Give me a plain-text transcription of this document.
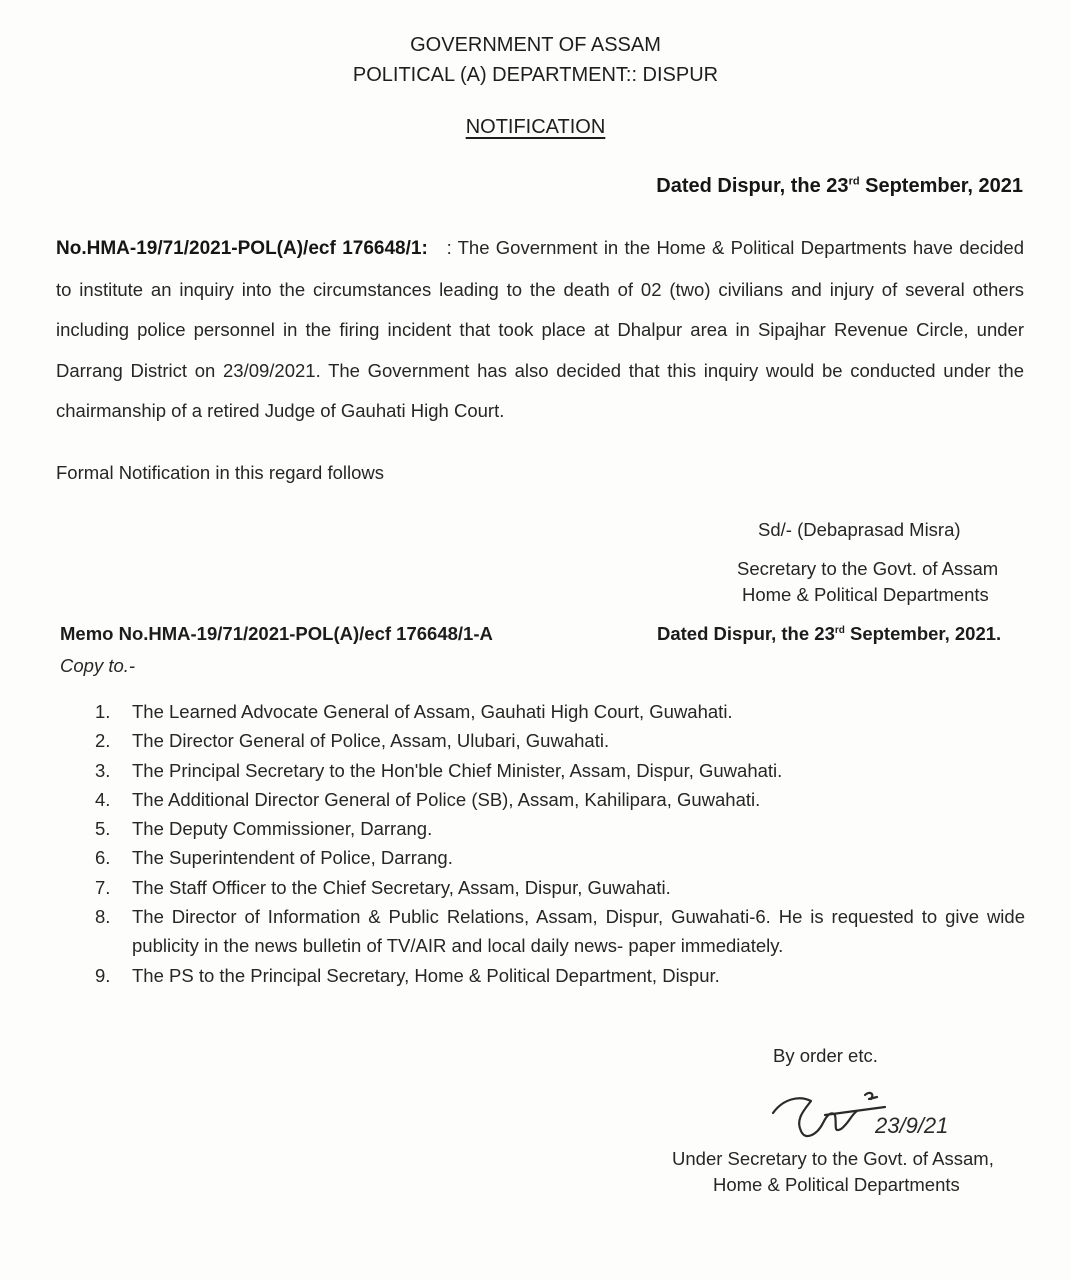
GOVERNMENT OF ASSAM
POLITICAL (A) DEPARTMENT:: DISPUR
NOTIFICATION
Dated Dispur, the 23rd September, 2021

No.HMA-19/71/2021-POL(A)/ecf 176648/1: : The Government in the Home & Political Departments have decided to institute an inquiry into the circumstances leading to the death of 02 (two) civilians and injury of several others including police personnel in the firing incident that took place at Dhalpur area in Sipajhar Revenue Circle, under Darrang District on 23/09/2021. The Government has also decided that this inquiry would be conducted under the chairmanship of a retired Judge of Gauhati High Court.

Formal Notification in this regard follows
Sd/- (Debaprasad Misra)
Secretary to the Govt. of Assam
Home & Political Departments
Memo No.HMA-19/71/2021-POL(A)/ecf 176648/1-A	Dated Dispur, the 23rd September, 2021.
Copy to.-
1.	The Learned Advocate General of Assam, Gauhati High Court, Guwahati.
2.	The Director General of Police, Assam, Ulubari, Guwahati.
3.	The Principal Secretary to the Hon'ble Chief Minister, Assam, Dispur, Guwahati.
4.	The Additional Director General of Police (SB), Assam, Kahilipara, Guwahati.
5.	The Deputy Commissioner, Darrang.
6.	The Superintendent of Police, Darrang.
7.	The Staff Officer to the Chief Secretary, Assam, Dispur, Guwahati.
8.	The Director of Information & Public Relations, Assam, Dispur, Guwahati-6. He is requested to give wide publicity in the news bulletin of TV/AIR and local daily news- paper immediately.
9.	The PS to the Principal Secretary, Home & Political Department, Dispur.
By order etc.
23/9/21
Under Secretary to the Govt. of Assam,
Home & Political Departments
